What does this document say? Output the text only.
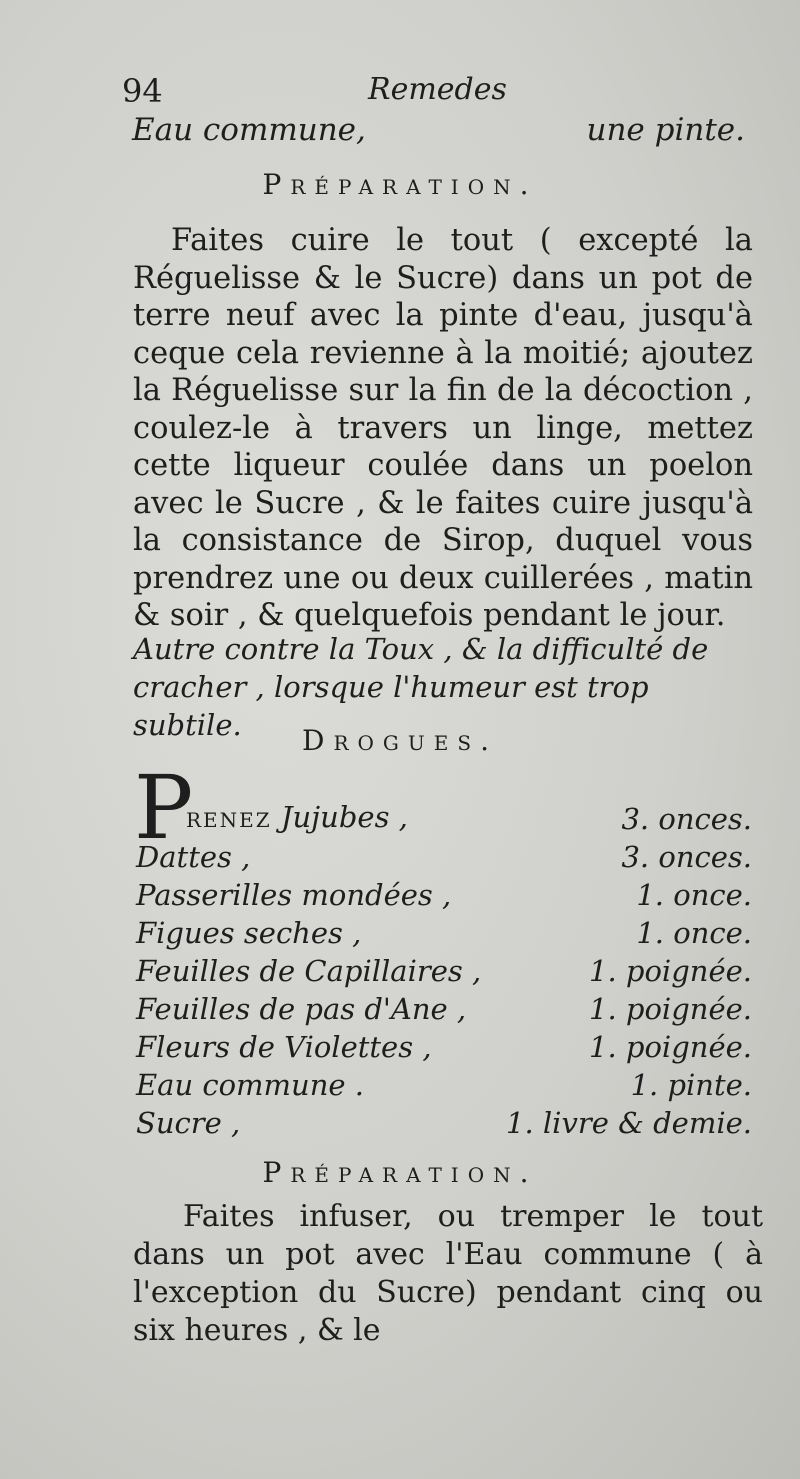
94	Remedes
Eau commune,	une pinte.
Préparation.

Faites cuire le tout ( excepté la Réguelisse & le Sucre) dans un pot de terre neuf avec la pinte d'eau, jusqu'à ceque cela revienne à la moitié; ajoutez la Réguelisse sur la fin de la décoction , coulez-le à travers un linge, mettez cette liqueur coulée dans un poelon avec le Sucre , & le faites cuire jusqu'à la consistance de Sirop, duquel vous prendrez une ou deux cuillerées , matin & soir , & quelquefois pendant le jour.

Autre contre la Toux , & la difficulté de cracher , lorsque l'humeur est trop subtile.	Drogues.
P
renez Jujubes ,	3. onces.
Dattes ,	3. onces.
Passerilles mondées ,	1. once.
Figues seches ,	1. once.
Feuilles de Capillaires ,	1. poignée.
Feuilles de pas d'Ane ,	1. poignée.
Fleurs de Violettes ,	1. poignée.
Eau commune .	1. pinte.
Sucre ,	1. livre & demie.
Préparation.

Faites infuser, ou tremper le tout dans un pot avec l'Eau commune ( à l'exception du Sucre) pendant cinq ou six heures , & le
